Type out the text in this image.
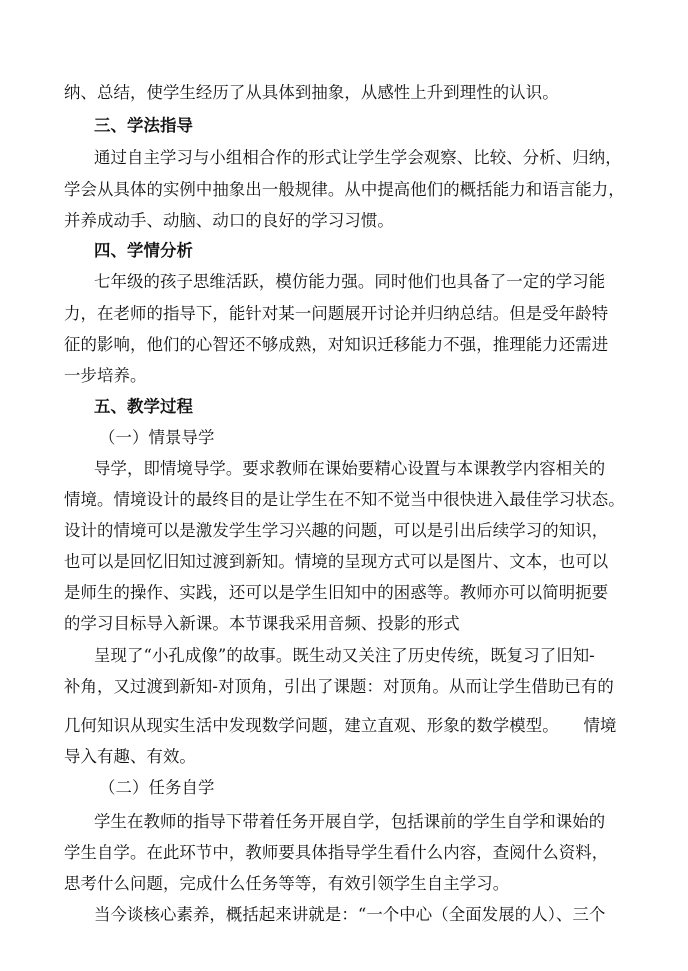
纳、总结，使学生经历了从具体到抽象，从感性上升到理性的认识。
三、学法指导
通过自主学习与小组相合作的形式让学生学会观察、比较、分析、归纳，
学会从具体的实例中抽象出一般规律。从中提高他们的概括能力和语言能力，
并养成动手、动脑、动口的良好的学习习惯。
四、学情分析
七年级的孩子思维活跃，模仿能力强。同时他们也具备了一定的学习能
力，在老师的指导下，能针对某一问题展开讨论并归纳总结。但是受年龄特
征的影响，他们的心智还不够成熟，对知识迁移能力不强，推理能力还需进
一步培养。
五、教学过程
（一）情景导学
导学，即情境导学。要求教师在课始要精心设置与本课教学内容相关的
情境。情境设计的最终目的是让学生在不知不觉当中很快进入最佳学习状态。
设计的情境可以是激发学生学习兴趣的问题，可以是引出后续学习的知识，
也可以是回忆旧知过渡到新知。情境的呈现方式可以是图片、文本，也可以
是师生的操作、实践，还可以是学生旧知中的困惑等。教师亦可以简明扼要
的学习目标导入新课。本节课我采用音频、投影的形式
呈现了“小孔成像”的故事。既生动又关注了历史传统，既复习了旧知-
补角，又过渡到新知-对顶角，引出了课题：对顶角。从而让学生借助已有的
几何知识从现实生活中发现数学问题，建立直观、形象的数学模型。　　情境
导入有趣、有效。
（二）任务自学
学生在教师的指导下带着任务开展自学，包括课前的学生自学和课始的
学生自学。在此环节中，教师要具体指导学生看什么内容，查阅什么资料，
思考什么问题，完成什么任务等等，有效引领学生自主学习。
当今谈核心素养，概括起来讲就是：“一个中心（全面发展的人）、三个
